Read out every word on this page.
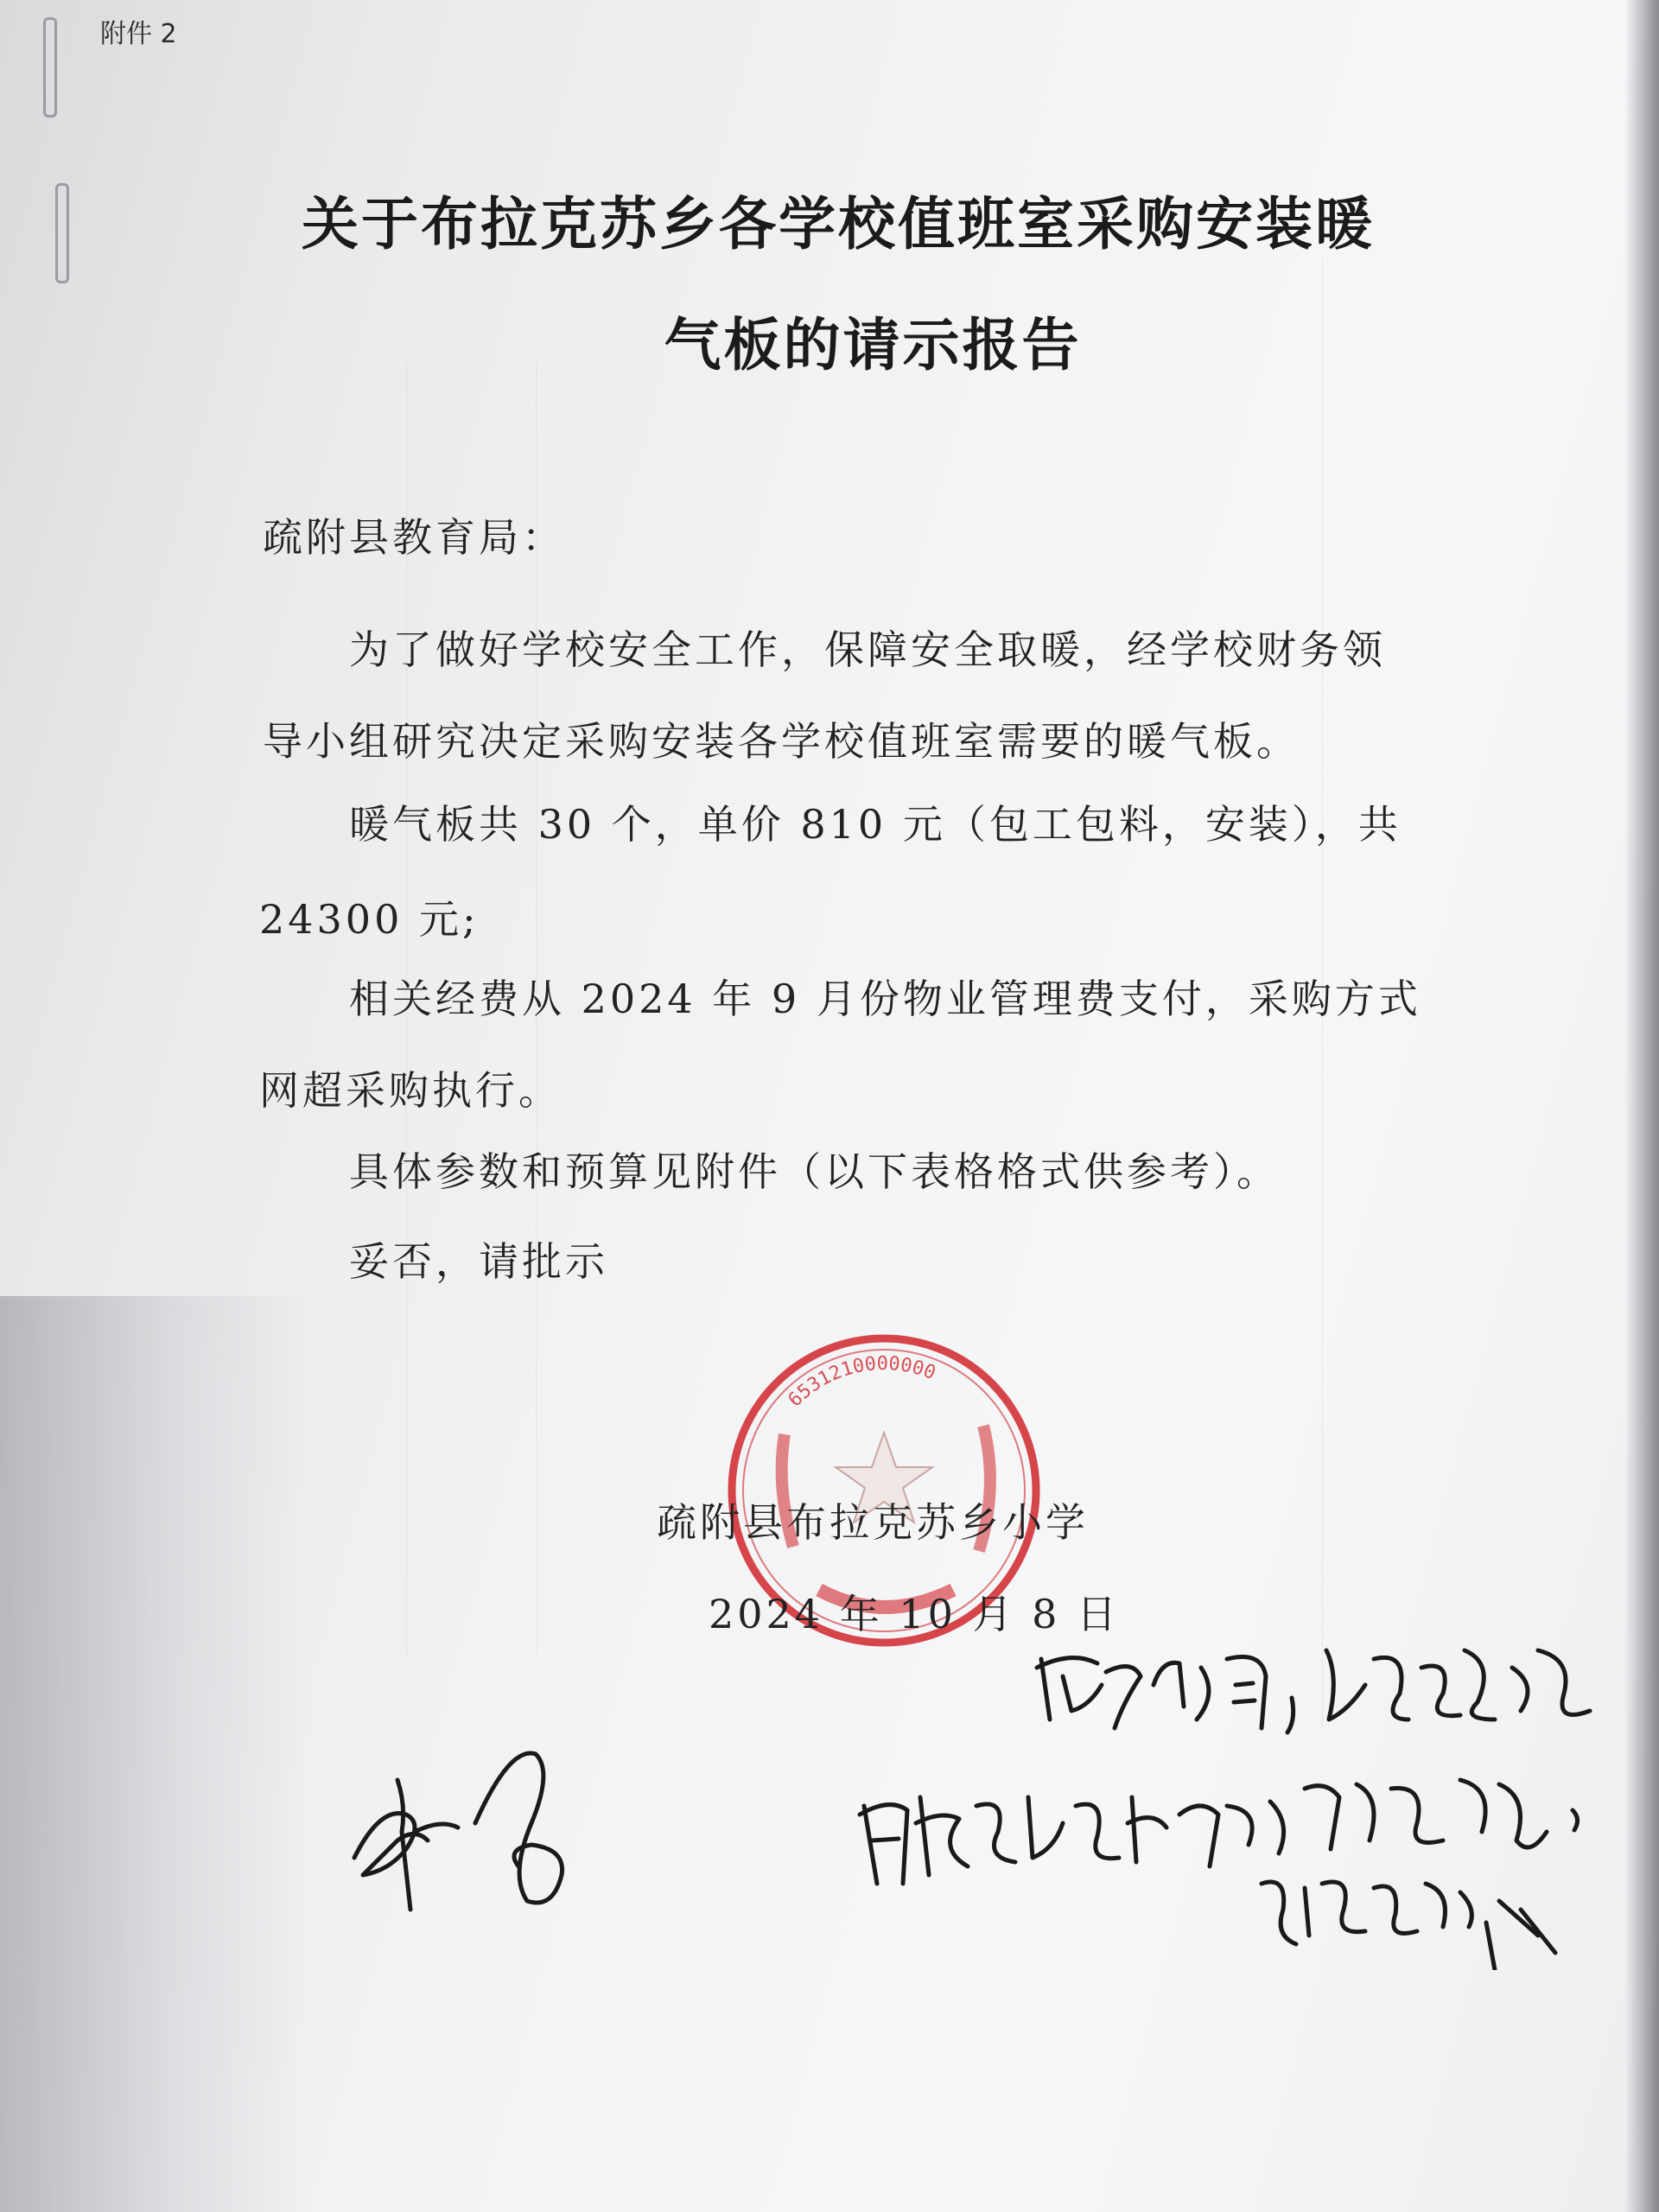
附件 2
关于布拉克苏乡各学校值班室采购安装暖
气板的请示报告
疏附县教育局：
为了做好学校安全工作，保障安全取暖，经学校财务领
导小组研究决定采购安装各学校值班室需要的暖气板。
暖气板共 30 个，单价 810 元（包工包料，安装），共
24300 元;
相关经费从 2024 年 9 月份物业管理费支付，采购方式
网超采购执行。
具体参数和预算见附件（以下表格格式供参考）。
妥否，请批示
6531210000000
疏附县布拉克苏乡小学
2024 年 10 月 8 日
